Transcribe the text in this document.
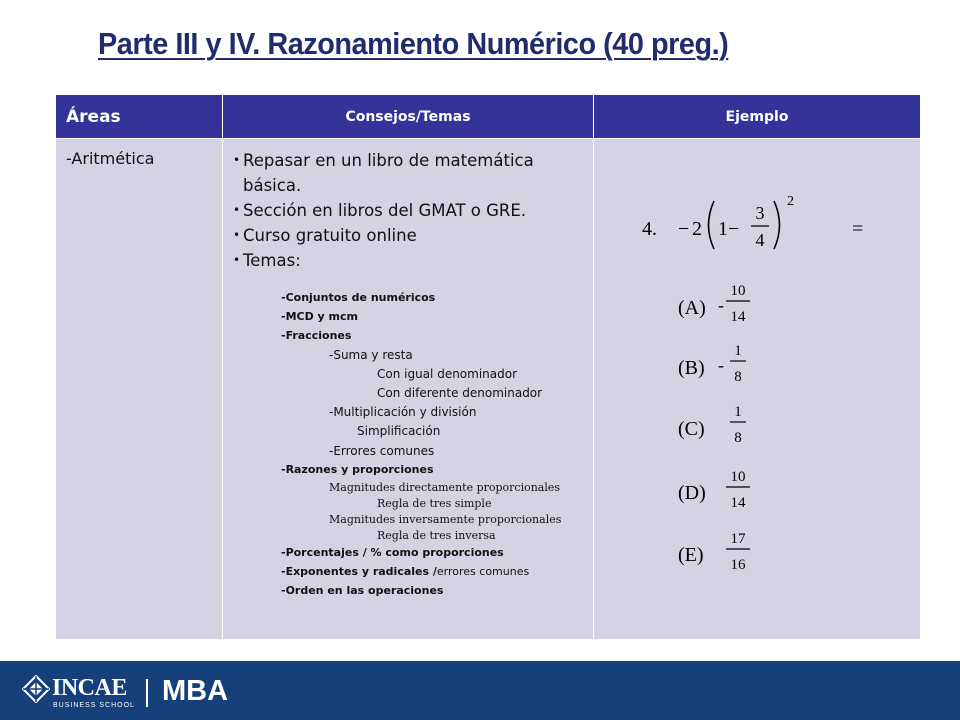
Parte III y IV. Razonamiento Numérico (40 preg.)
Áreas	Consejos/Temas	Ejemplo
-Aritmética
•	Repasar en un libro de matemática básica.
• Sección en libros del GMAT o GRE.
• Curso gratuito online
• Temas:
-Conjuntos de numéricos
-MCD y mcm
-Fracciones
-Suma y resta
Con igual denominador
Con diferente denominador
-Multiplicación y división
Simplificación
-Errores comunes
-Razones y proporciones
Magnitudes directamente proporcionales
Regla de tres simple
Magnitudes inversamente proporcionales
Regla de tres inversa
-Porcentajes / % como proporciones
-Exponentes y radicales /errores comunes
-Orden en las operaciones
4. − 2 1 −
3
4
2
=
(A) -
10
14
(B) -
1
8
(C)
1
8
(D)
10
14
(E)
17
16
INCAE
BUSINESS SCHOOL MBA
